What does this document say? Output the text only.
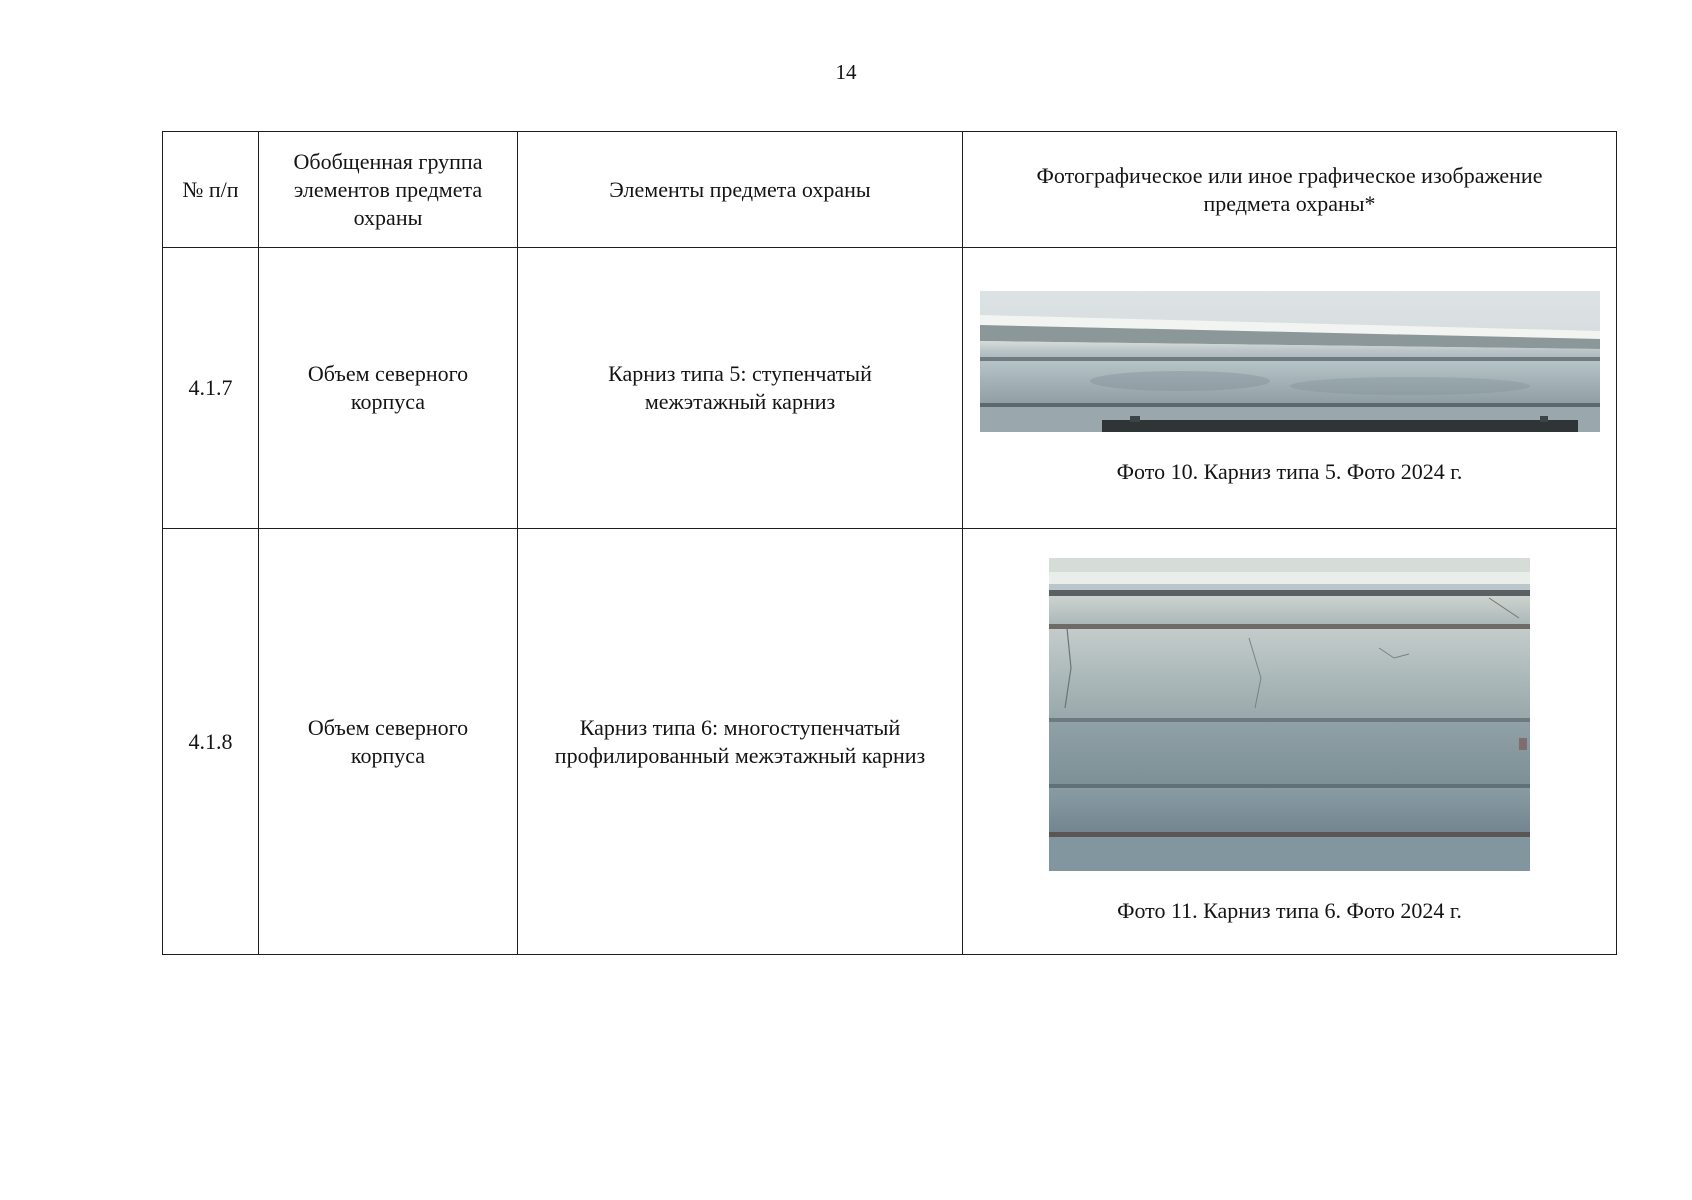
14
№ п/п	Обобщенная группа элементов предмета охраны	Элементы предмета охраны	Фотографическое или иное графическое изображение предмета охраны*
4.1.7	Объем северного корпуса	Карниз типа 5: ступенчатый межэтажный карниз	Фото 10. Карниз типа 5. Фото 2024 г.

4.1.8	Объем северного корпуса	Карниз типа 6: многоступенчатый профилированный межэтажный карниз	Фото 11. Карниз типа 6. Фото 2024 г.
